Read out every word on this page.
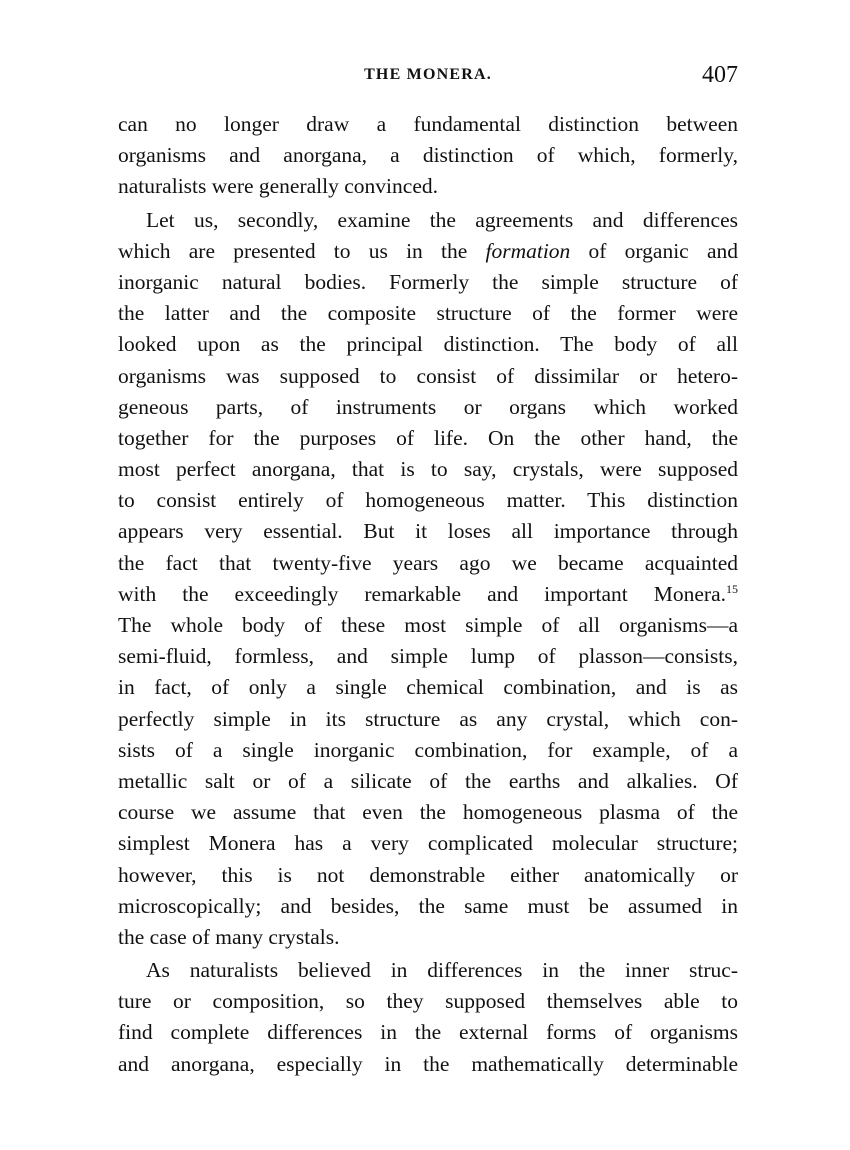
THE MONERA.	407
can no longer draw a fundamental distinction between
organisms and anorgana, a distinction of which, formerly,
naturalists were generally convinced.
Let us, secondly, examine the agreements and differences
which are presented to us in the formation of organic and
inorganic natural bodies. Formerly the simple structure of
the latter and the composite structure of the former were
looked upon as the principal distinction. The body of all
organisms was supposed to consist of dissimilar or hetero-
geneous parts, of instruments or organs which worked
together for the purposes of life. On the other hand, the
most perfect anorgana, that is to say, crystals, were supposed
to consist entirely of homogeneous matter. This distinction
appears very essential. But it loses all importance through
the fact that twenty-five years ago we became acquainted
with the exceedingly remarkable and important Monera.$^{15}$
The whole body of these most simple of all organisms—a
semi-fluid, formless, and simple lump of plasson—consists,
in fact, of only a single chemical combination, and is as
perfectly simple in its structure as any crystal, which con-
sists of a single inorganic combination, for example, of a
metallic salt or of a silicate of the earths and alkalies. Of
course we assume that even the homogeneous plasma of the
simplest Monera has a very complicated molecular structure;
however, this is not demonstrable either anatomically or
microscopically; and besides, the same must be assumed in
the case of many crystals.
As naturalists believed in differences in the inner struc-
ture or composition, so they supposed themselves able to
find complete differences in the external forms of organisms
and anorgana, especially in the mathematically determinable
